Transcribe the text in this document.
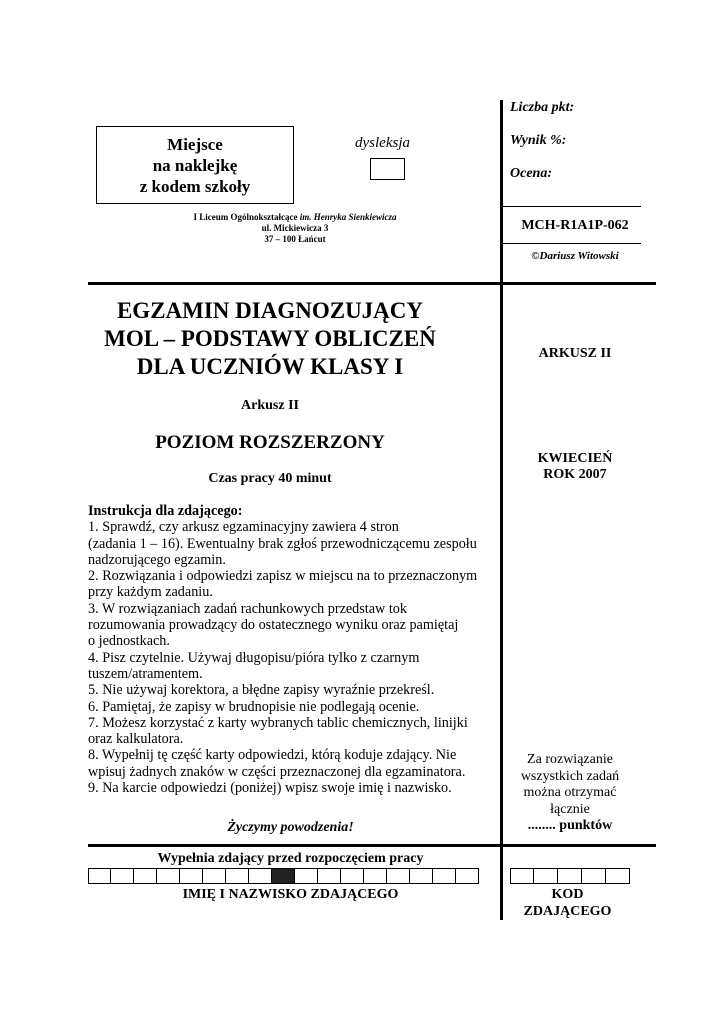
Miejsce
na naklejkę
z kodem szkoły
dysleksja
I Liceum Ogólnokształcące im. Henryka Sienkiewicza
ul. Mickiewicza 3
37 – 100 Łańcut
Liczba pkt:
Wynik %:
Ocena:
MCH-R1A1P-062
©Dariusz Witowski
EGZAMIN DIAGNOZUJĄCY
MOL – PODSTAWY OBLICZEŃ
DLA UCZNIÓW KLASY I
Arkusz II
POZIOM ROZSZERZONY
Czas pracy 40 minut
Instrukcja dla zdającego:
1. Sprawdź, czy arkusz egzaminacyjny zawiera 4 stron
(zadania 1 – 16). Ewentualny brak zgłoś przewodniczącemu zespołu
nadzorującego egzamin.
2. Rozwiązania i odpowiedzi zapisz w miejscu na to przeznaczonym
przy każdym zadaniu.
3. W rozwiązaniach zadań rachunkowych przedstaw tok
rozumowania prowadzący do ostatecznego wyniku oraz pamiętaj
o jednostkach.
4. Pisz czytelnie. Używaj długopisu/pióra tylko z czarnym
tuszem/atramentem.
5. Nie używaj korektora, a błędne zapisy wyraźnie przekreśl.
6. Pamiętaj, że zapisy w brudnopisie nie podlegają ocenie.
7. Możesz korzystać z karty wybranych tablic chemicznych, linijki
oraz kalkulatora.
8. Wypełnij tę część karty odpowiedzi, którą koduje zdający. Nie
wpisuj żadnych znaków w części przeznaczonej dla egzaminatora.
9. Na karcie odpowiedzi (poniżej) wpisz swoje imię i nazwisko.
Życzymy powodzenia!
ARKUSZ II
KWIECIEŃ
ROK 2007
Za rozwiązanie
wszystkich zadań
można otrzymać
łącznie
........ punktów
Wypełnia zdający przed rozpoczęciem pracy
IMIĘ I NAZWISKO ZDAJĄCEGO	KOD
ZDAJĄCEGO
